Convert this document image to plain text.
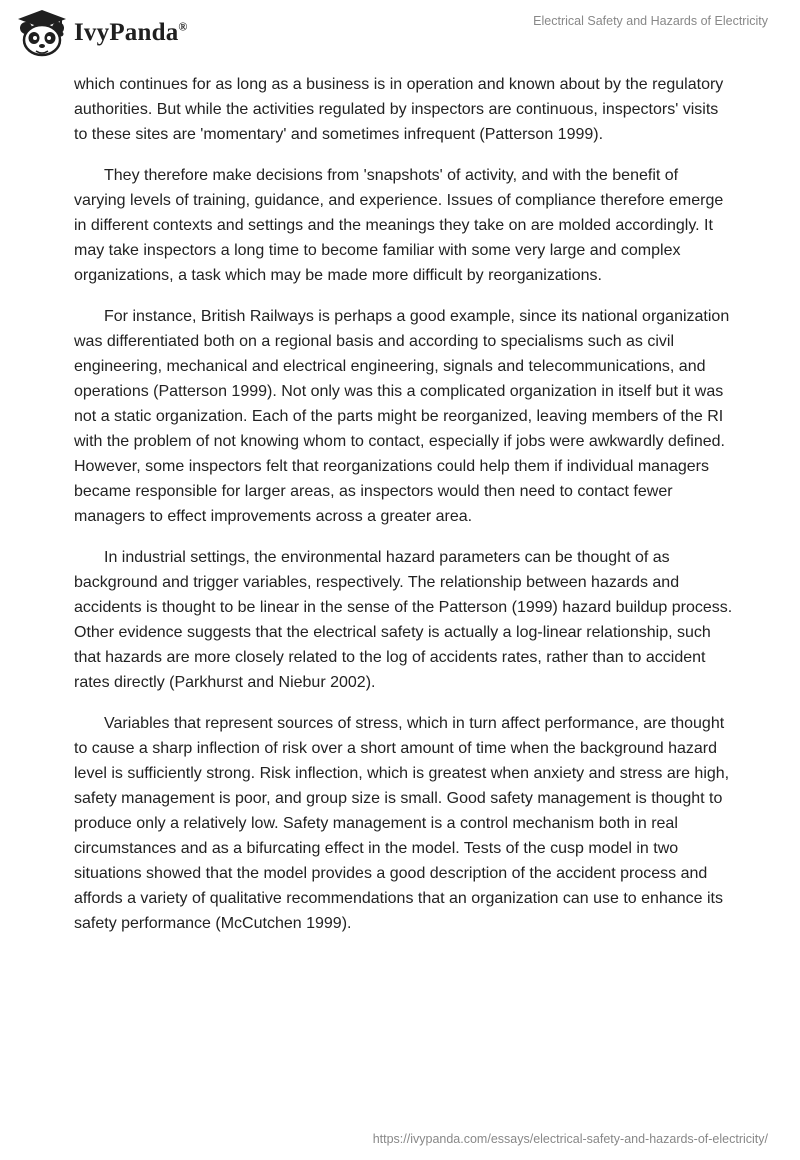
IvyPanda®	Electrical Safety and Hazards of Electricity

which continues for as long as a business is in operation and known about by the regulatory authorities. But while the activities regulated by inspectors are continuous, inspectors' visits to these sites are 'momentary' and sometimes infrequent (Patterson 1999).

They therefore make decisions from 'snapshots' of activity, and with the benefit of varying levels of training, guidance, and experience. Issues of compliance therefore emerge in different contexts and settings and the meanings they take on are molded accordingly. It may take inspectors a long time to become familiar with some very large and complex organizations, a task which may be made more difficult by reorganizations.

For instance, British Railways is perhaps a good example, since its national organization was differentiated both on a regional basis and according to specialisms such as civil engineering, mechanical and electrical engineering, signals and telecommunications, and operations (Patterson 1999). Not only was this a complicated organization in itself but it was not a static organization. Each of the parts might be reorganized, leaving members of the RI with the problem of not knowing whom to contact, especially if jobs were awkwardly defined. However, some inspectors felt that reorganizations could help them if individual managers became responsible for larger areas, as inspectors would then need to contact fewer managers to effect improvements across a greater area.

In industrial settings, the environmental hazard parameters can be thought of as background and trigger variables, respectively. The relationship between hazards and accidents is thought to be linear in the sense of the Patterson (1999) hazard buildup process. Other evidence suggests that the electrical safety is actually a log-linear relationship, such that hazards are more closely related to the log of accidents rates, rather than to accident rates directly (Parkhurst and Niebur 2002).

Variables that represent sources of stress, which in turn affect performance, are thought to cause a sharp inflection of risk over a short amount of time when the background hazard level is sufficiently strong. Risk inflection, which is greatest when anxiety and stress are high, safety management is poor, and group size is small. Good safety management is thought to produce only a relatively low. Safety management is a control mechanism both in real circumstances and as a bifurcating effect in the model. Tests of the cusp model in two situations showed that the model provides a good description of the accident process and affords a variety of qualitative recommendations that an organization can use to enhance its safety performance (McCutchen 1999).

https://ivypanda.com/essays/electrical-safety-and-hazards-of-electricity/
